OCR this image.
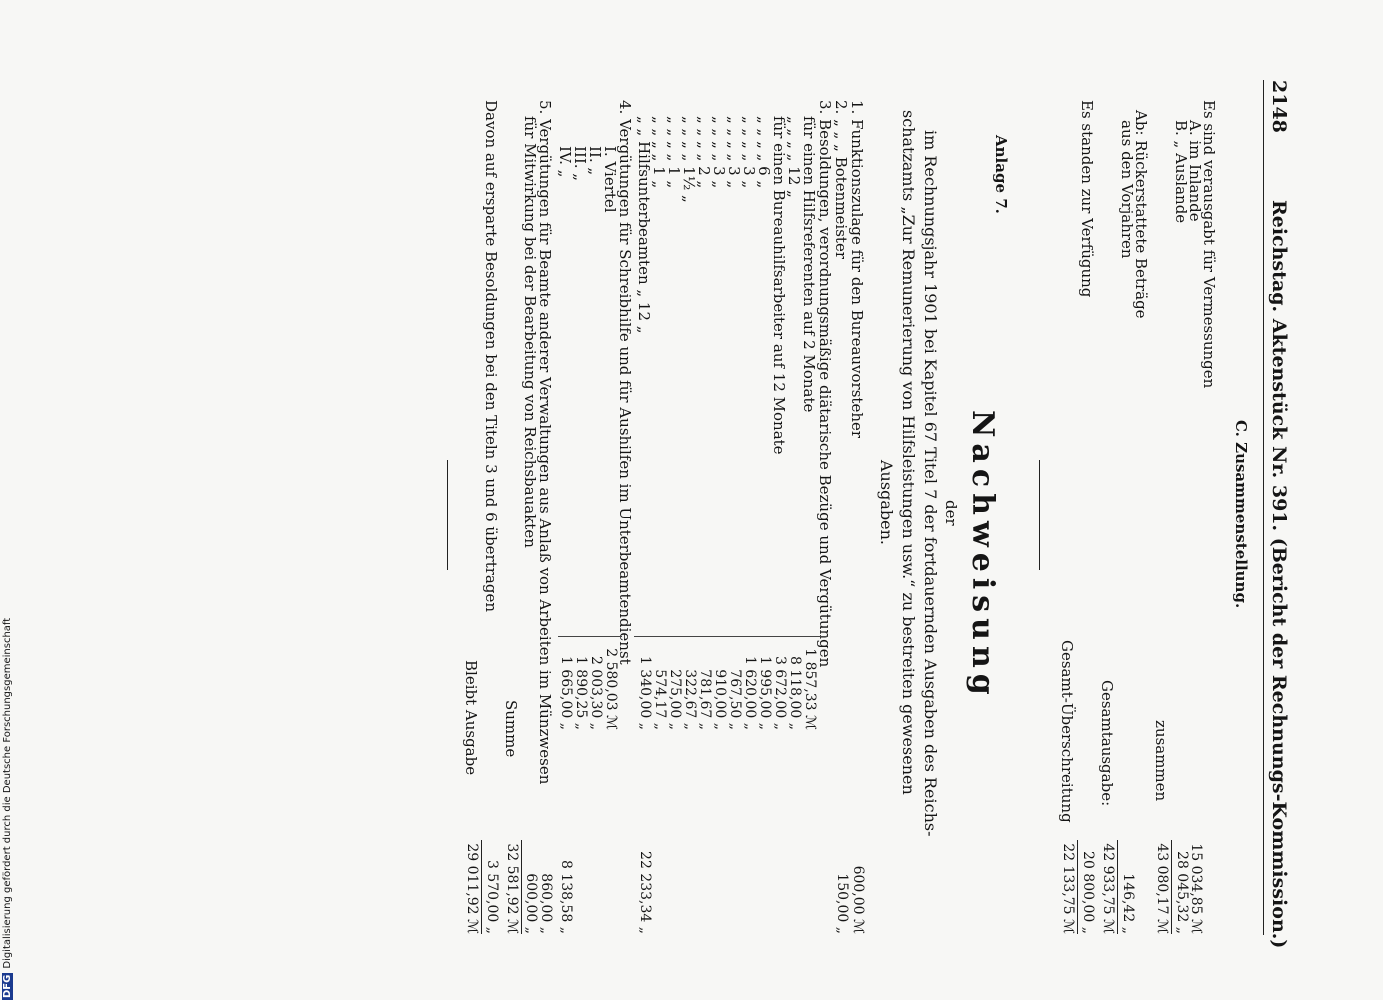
2148
Reichstag. Aktenstück Nr. 391. (Bericht der Rechnungs-Kommission.)
C. Zusammenstellung.
Es sind verausgabt für Vermessungen
A. im Inlande
15 034,85 ℳ
B. „ Auslande
28 045,32 „
zusammen
43 080,17 ℳ
Ab: Rückerstattete Beträge
aus den Vorjahren
146,42 „
Gesamtausgabe:
42 933,75 ℳ
Es standen zur Verfügung
20 800,00 „
Gesamt-Überschreitung
22 133,75 ℳ
Anlage 7.
Nachweisung
der
im Rechnungsjahr 1901 bei Kapitel 67 Titel 7 der fortdauernden Ausgaben des Reichs-
schatzamts „Zur Remunerierung von Hilfsleistungen usw.“ zu bestreiten gewesenen
Ausgaben.
1. Funktionszulage für den Bureauvorsteher
600,00 ℳ
2. „ „ „ Botenmeister
150,00 „
3. Besoldungen, verordnungsmäßige diätarische Bezüge und Vergütungen
für einen Hilfsreferenten auf 2 Monate
1 857,33 ℳ
„ „ „ „ 12 „
8 118,00 „
für einen Bureauhilfsarbeiter auf 12 Monate
3 672,00 „
„ „ „ „ 6 „
1 995,00 „
„ „ „ „ 3 „
1 620,00 „
„ „ „ „ 3 „
767,50 „
„ „ „ „ 3 „
910,00 „
„ „ „ „ 2 „
781,67 „
„ „ „ „ 1½ „
322,67 „
„ „ „ „ 1 „
275,00 „
„ „ „ „ 1 „
574,17 „
„ „ Hilfsunterbeamten „ 12 „
1 340,00 „
22 233,34 „
4. Vergütungen für Schreibhilfe und für Aushilfen im Unterbeamtendienst
I. Viertel
2 580,03 ℳ
II. „
2 003,30 „
III. „
1 890,25 „
IV. „
1 665,00 „
8 138,58 „
5. Vergütungen für Beamte anderer Verwaltungen aus Anlaß von Arbeiten im Münzwesen
860,00 „
für Mitwirkung bei der Bearbeitung von Reichsbauakten
600,00 „
Summe
32 581,92 ℳ
Davon auf ersparte Besoldungen bei den Titeln 3 und 6 übertragen
3 570,00 „
Bleibt Ausgabe
29 011,92 ℳ
DFGDigitalisierung gefördert durch die Deutsche Forschungsgemeinschaft
